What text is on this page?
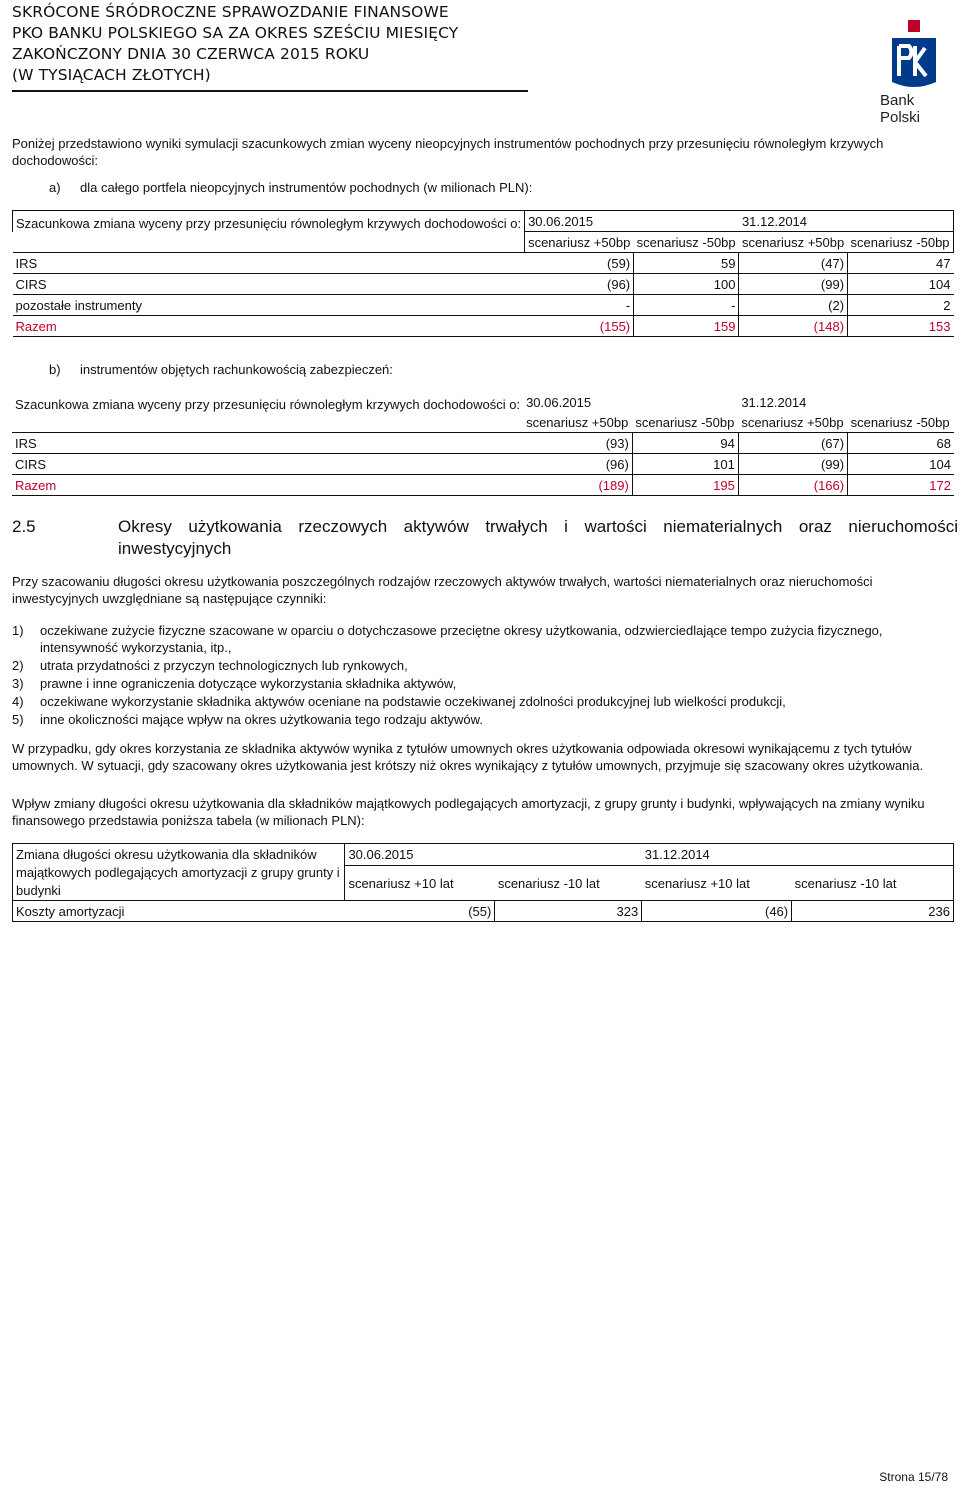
SKRÓCONE ŚRÓDROCZNE SPRAWOZDANIE FINANSOWE
PKO BANKU POLSKIEGO SA ZA OKRES SZEŚCIU MIESIĘCY
ZAKOŃCZONY DNIA 30 CZERWCA 2015 ROKU
(W TYSIĄCACH ZŁOTYCH)
Bank Polski
Poniżej przedstawiono wyniki symulacji szacunkowych zmian wyceny nieopcyjnych instrumentów pochodnych przy przesunięciu równoległym krzywych dochodowości:
a) dla całego portfela nieopcyjnych instrumentów pochodnych (w milionach PLN):
Szacunkowa zmiana wyceny przy przesunięciu równoległym krzywych dochodowości o:	30.06.2015		31.12.2014	
	scenariusz +50bp	scenariusz -50bp	scenariusz +50bp	scenariusz -50bp
IRS	(59)	59	(47)	47
CIRS	(96)	100	(99)	104
pozostałe instrumenty	-	-	(2)	2
Razem	(155)	159	(148)	153
b) instrumentów objętych rachunkowością zabezpieczeń:
Szacunkowa zmiana wyceny przy przesunięciu równoległym krzywych dochodowości o:	30.06.2015		31.12.2014	
	scenariusz +50bp	scenariusz -50bp	scenariusz +50bp	scenariusz -50bp
IRS	(93)	94	(67)	68
CIRS	(96)	101	(99)	104
Razem	(189)	195	(166)	172
2.5	Okresy użytkowania rzeczowych aktywów trwałych i wartości niematerialnych oraz nieruchomości inwestycyjnych
Przy szacowaniu długości okresu użytkowania poszczególnych rodzajów rzeczowych aktywów trwałych, wartości niematerialnych oraz nieruchomości inwestycyjnych uwzględniane są następujące czynniki:
1) oczekiwane zużycie fizyczne szacowane w oparciu o dotychczasowe przeciętne okresy użytkowania, odzwierciedlające tempo zużycia fizycznego, intensywność wykorzystania, itp.,
2) utrata przydatności z przyczyn technologicznych lub rynkowych,
3) prawne i inne ograniczenia dotyczące wykorzystania składnika aktywów,
4) oczekiwane wykorzystanie składnika aktywów oceniane na podstawie oczekiwanej zdolności produkcyjnej lub wielkości produkcji,
5) inne okoliczności mające wpływ na okres użytkowania tego rodzaju aktywów.
W przypadku, gdy okres korzystania ze składnika aktywów wynika z tytułów umownych okres użytkowania odpowiada okresowi wynikającemu z tych tytułów umownych. W sytuacji, gdy szacowany okres użytkowania jest krótszy niż okres wynikający z tytułów umownych, przyjmuje się szacowany okres użytkowania.
Wpływ zmiany długości okresu użytkowania dla składników majątkowych podlegających amortyzacji, z grupy grunty i budynki, wpływających na zmiany wyniku finansowego przedstawia poniższa tabela (w milionach PLN):
Zmiana długości okresu użytkowania dla składników majątkowych podlegających amortyzacji z grupy grunty i budynki	30.06.2015		31.12.2014	
	scenariusz +10 lat	scenariusz -10 lat	scenariusz +10 lat	scenariusz -10 lat
Koszty amortyzacji	(55)	323	(46)	236
Strona 15/78
